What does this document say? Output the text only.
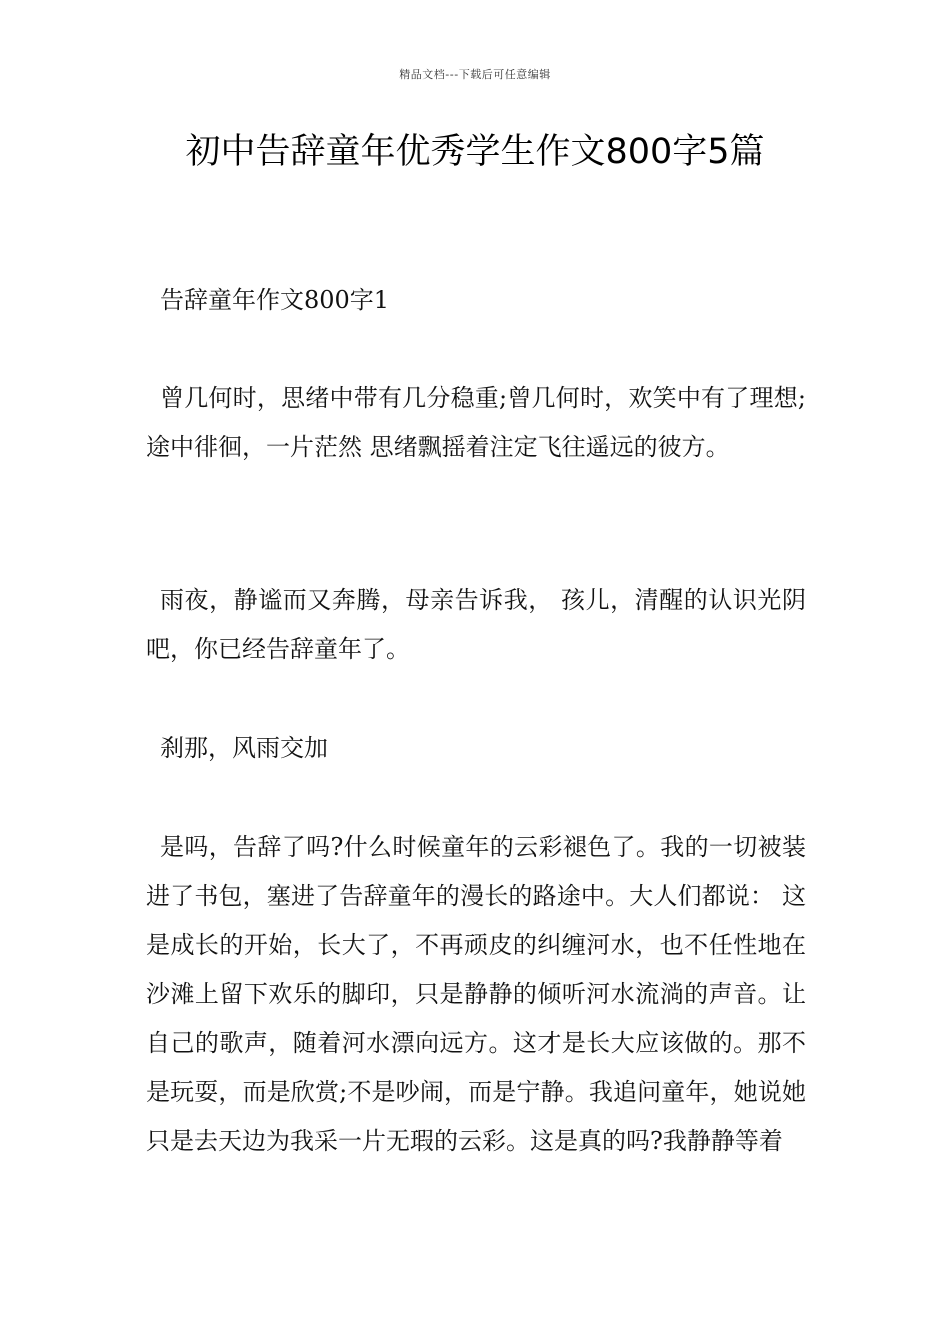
精品文档---下载后可任意编辑
初中告辞童年优秀学生作文800字5篇

告辞童年作文800字1

曾几何时，思绪中带有几分稳重;曾几何时，欢笑中有了理想;途中徘徊，一片茫然 思绪飘摇着注定飞往遥远的彼方。

雨夜，静谧而又奔腾，母亲告诉我， 孩儿，清醒的认识光阴吧，你已经告辞童年了。

刹那，风雨交加

是吗，告辞了吗?什么时候童年的云彩褪色了。我的一切被装进了书包，塞进了告辞童年的漫长的路途中。大人们都说： 这是成长的开始，长大了，不再顽皮的纠缠河水，也不任性地在沙滩上留下欢乐的脚印，只是静静的倾听河水流淌的声音。让自己的歌声，随着河水漂向远方。这才是长大应该做的。那不是玩耍，而是欣赏;不是吵闹，而是宁静。我追问童年，她说她只是去天边为我采一片无瑕的云彩。这是真的吗?我静静等着
